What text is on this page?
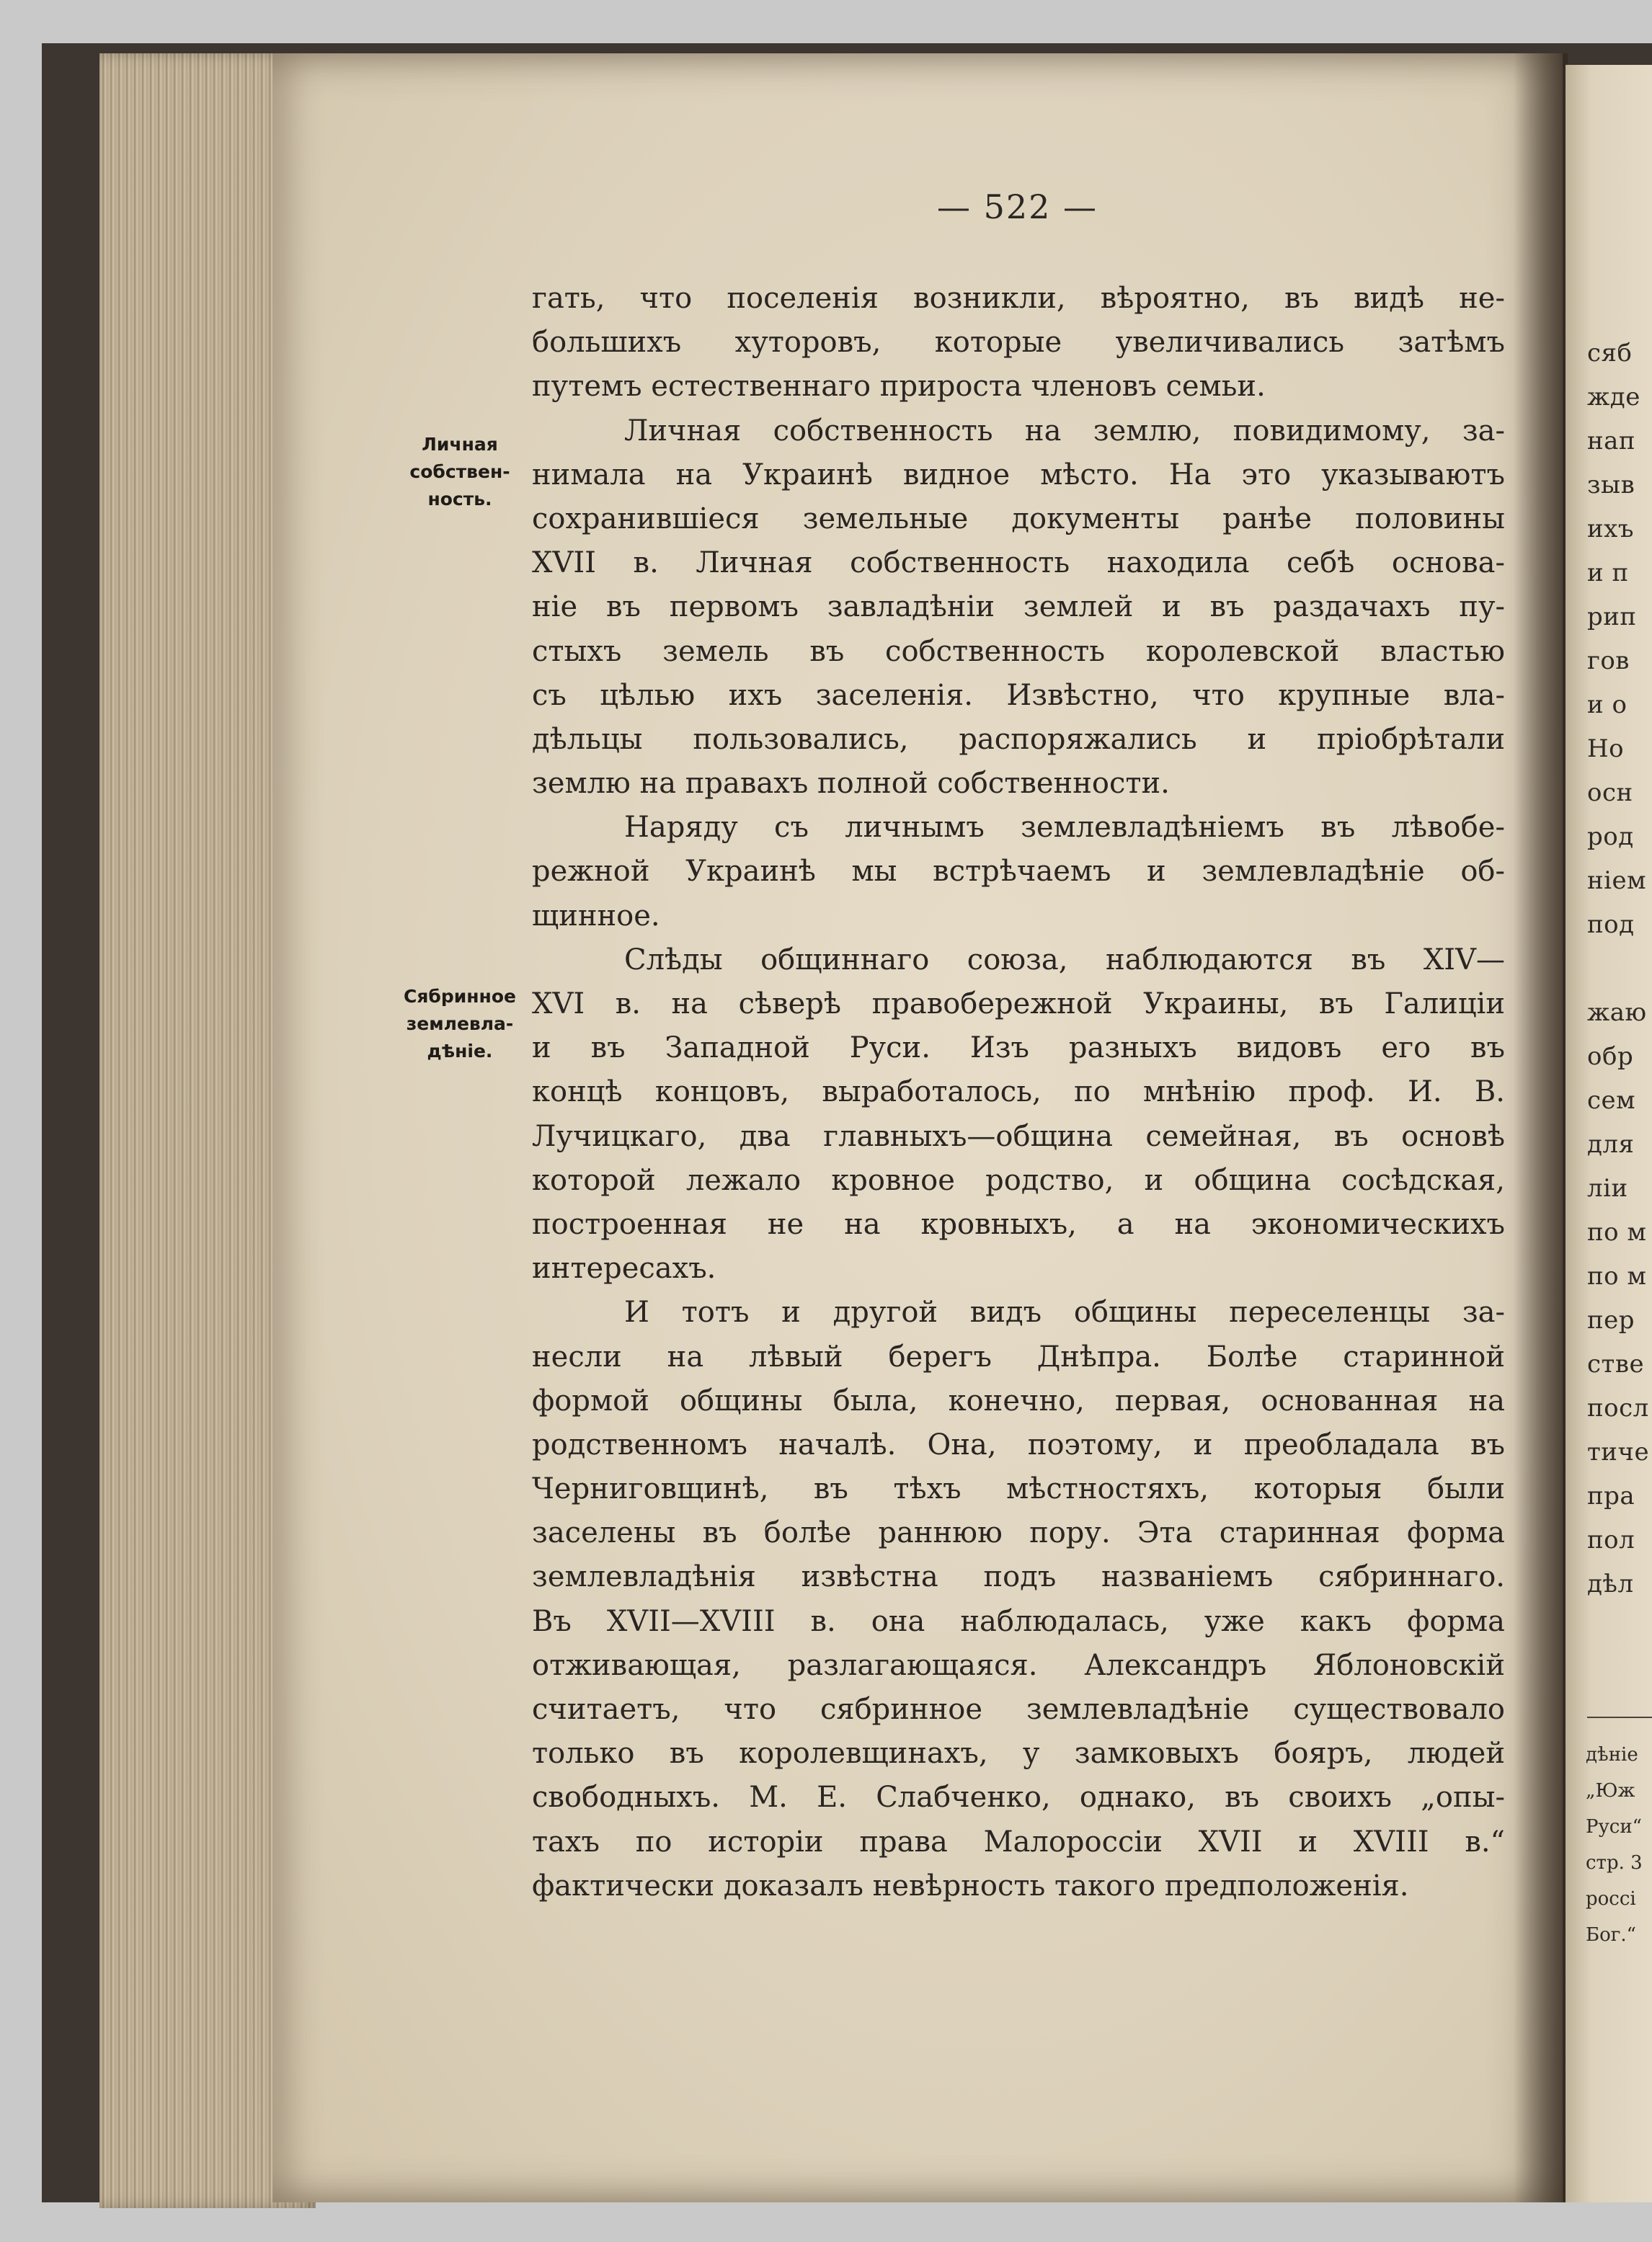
сяб
жде
нап
зыв
ихъ
и п
рип
гов
и о
Но
осн
род
нiем
под
жаю
обр
сем
для
лiи
по м
по м
пер
стве
посл
тичe
пра
пол
дѣл
дѣніе
„Юж
Руси“
стр. 3
россi
Бог.“
— 522 —
Личная
собствен-
ность.
Сябринное
землевла-
дѣніе.
гать, что поселенія возникли, вѣроятно, въ видѣ не-
большихъ хуторовъ, которые увеличивались затѣмъ
путемъ естественнаго прироста членовъ семьи.
Личная собственность на землю, повидимому, за-
нимала на Украинѣ видное мѣсто. На это указываютъ
сохранившіеся земельные документы ранѣе половины
XVII в. Личная собственность находила себѣ основа-
ніе въ первомъ завладѣніи землей и въ раздачахъ пу-
стыхъ земель въ собственность королевской властью
съ цѣлью ихъ заселенія. Извѣстно, что крупные вла-
дѣльцы пользовались, распоряжались и пріобрѣтали
землю на правахъ полной собственности.
Наряду съ личнымъ землевладѣніемъ въ лѣвобе-
режной Украинѣ мы встрѣчаемъ и землевладѣніе об-
щинное.
Слѣды общиннаго союза, наблюдаются въ XIV—
XVI в. на сѣверѣ правобережной Украины, въ Галиціи
и въ Западной Руси. Изъ разныхъ видовъ его въ
концѣ концовъ, выработалось, по мнѣнію проф. И. В.
Лучицкаго, два главныхъ—община семейная, въ основѣ
которой лежало кровное родство, и община сосѣдская,
построенная не на кровныхъ, а на экономическихъ
интересахъ.
И тотъ и другой видъ общины переселенцы за-
несли на лѣвый берегъ Днѣпра. Болѣе старинной
формой общины была, конечно, первая, основанная на
родственномъ началѣ. Она, поэтому, и преобладала въ
Черниговщинѣ, въ тѣхъ мѣстностяхъ, которыя были
заселены въ болѣе раннюю пору. Эта старинная форма
землевладѣнія извѣстна подъ названіемъ сябриннаго.
Въ XVII—XVIII в. она наблюдалась, уже какъ форма
отживающая, разлагающаяся. Александръ Яблоновскій
считаетъ, что сябринное землевладѣніе существовало
только въ королевщинахъ, у замковыхъ бояръ, людей
свободныхъ. М. Е. Слабченко, однако, въ своихъ „опы-
тахъ по исторіи права Малороссіи XVII и XVIII в.“
фактически доказалъ невѣрность такого предположенія.
